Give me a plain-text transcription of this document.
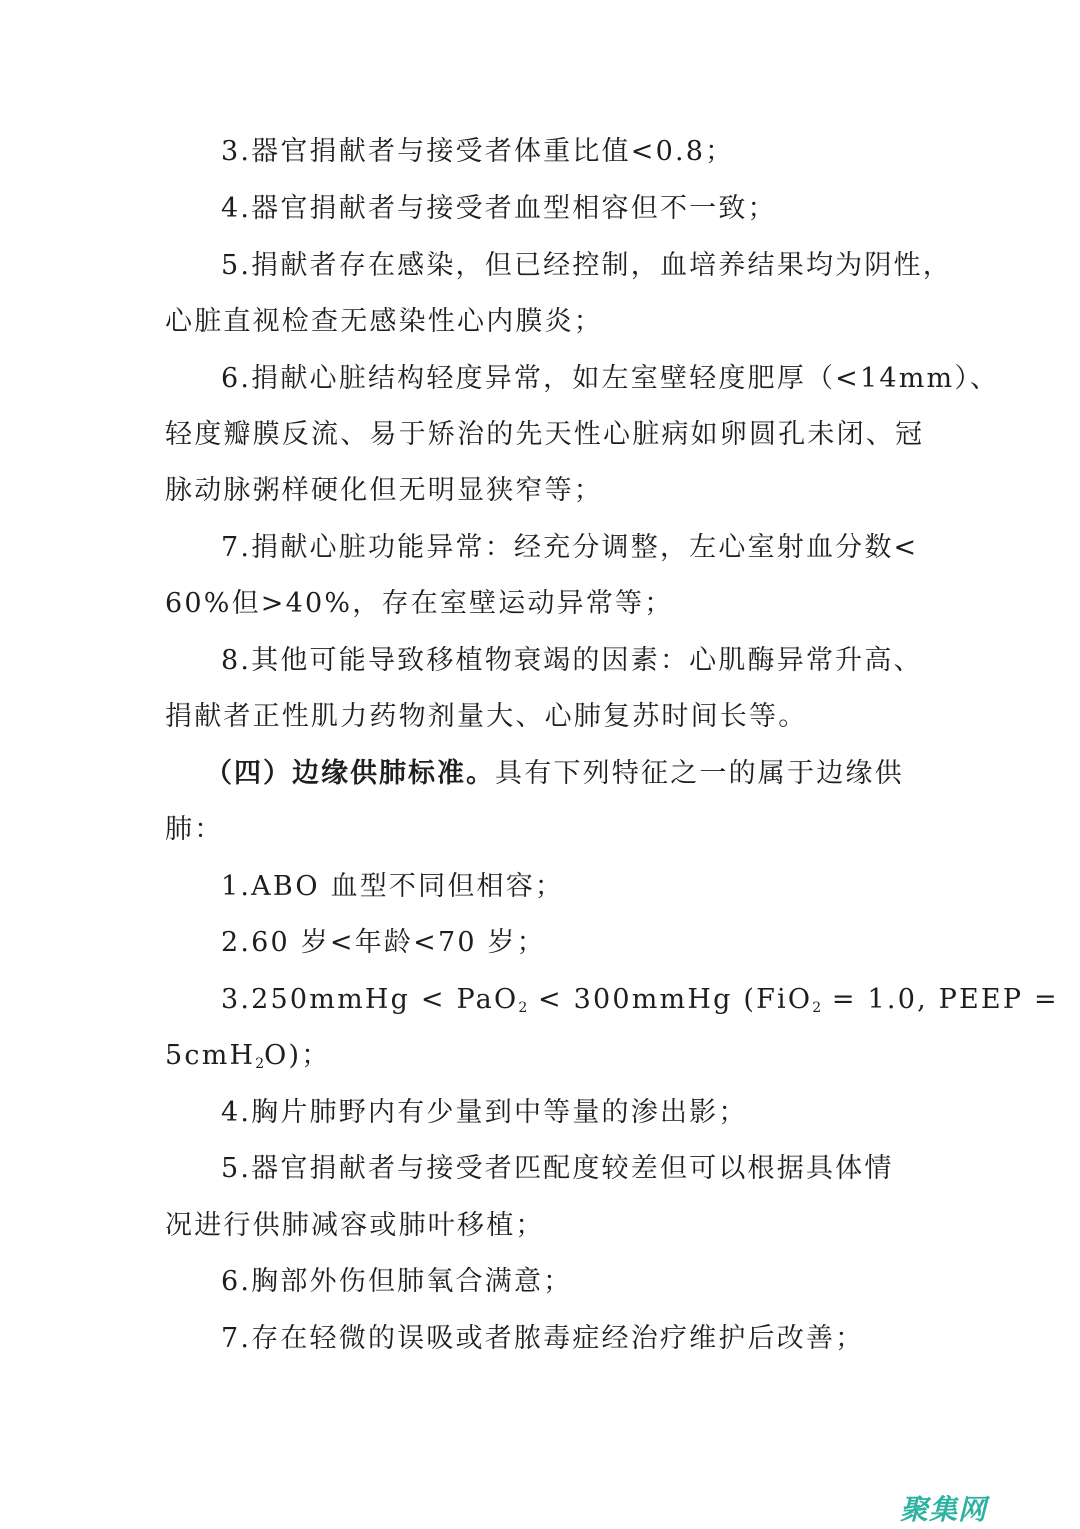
3.器官捐献者与接受者体重比值<0.8；
4.器官捐献者与接受者血型相容但不一致；
5.捐献者存在感染，但已经控制，血培养结果均为阴性，
心脏直视检查无感染性心内膜炎；
6.捐献心脏结构轻度异常，如左室壁轻度肥厚（<14mm）、
轻度瓣膜反流、易于矫治的先天性心脏病如卵圆孔未闭、冠
脉动脉粥样硬化但无明显狭窄等；
7.捐献心脏功能异常：经充分调整，左心室射血分数<
60%但>40%，存在室壁运动异常等；
8.其他可能导致移植物衰竭的因素：心肌酶异常升高、
捐献者正性肌力药物剂量大、心肺复苏时间长等。
（四）边缘供肺标准。具有下列特征之一的属于边缘供
肺：
1.ABO 血型不同但相容；
2.60 岁<年龄<70 岁；
3.250mmHg < PaO$_2$ < 300mmHg (FiO$_2$ = 1.0, PEEP =
5cmH$_2$O)；
4.胸片肺野内有少量到中等量的渗出影；
5.器官捐献者与接受者匹配度较差但可以根据具体情
况进行供肺减容或肺叶移植；
6.胸部外伤但肺氧合满意；
7.存在轻微的误吸或者脓毒症经治疗维护后改善；
聚集网
